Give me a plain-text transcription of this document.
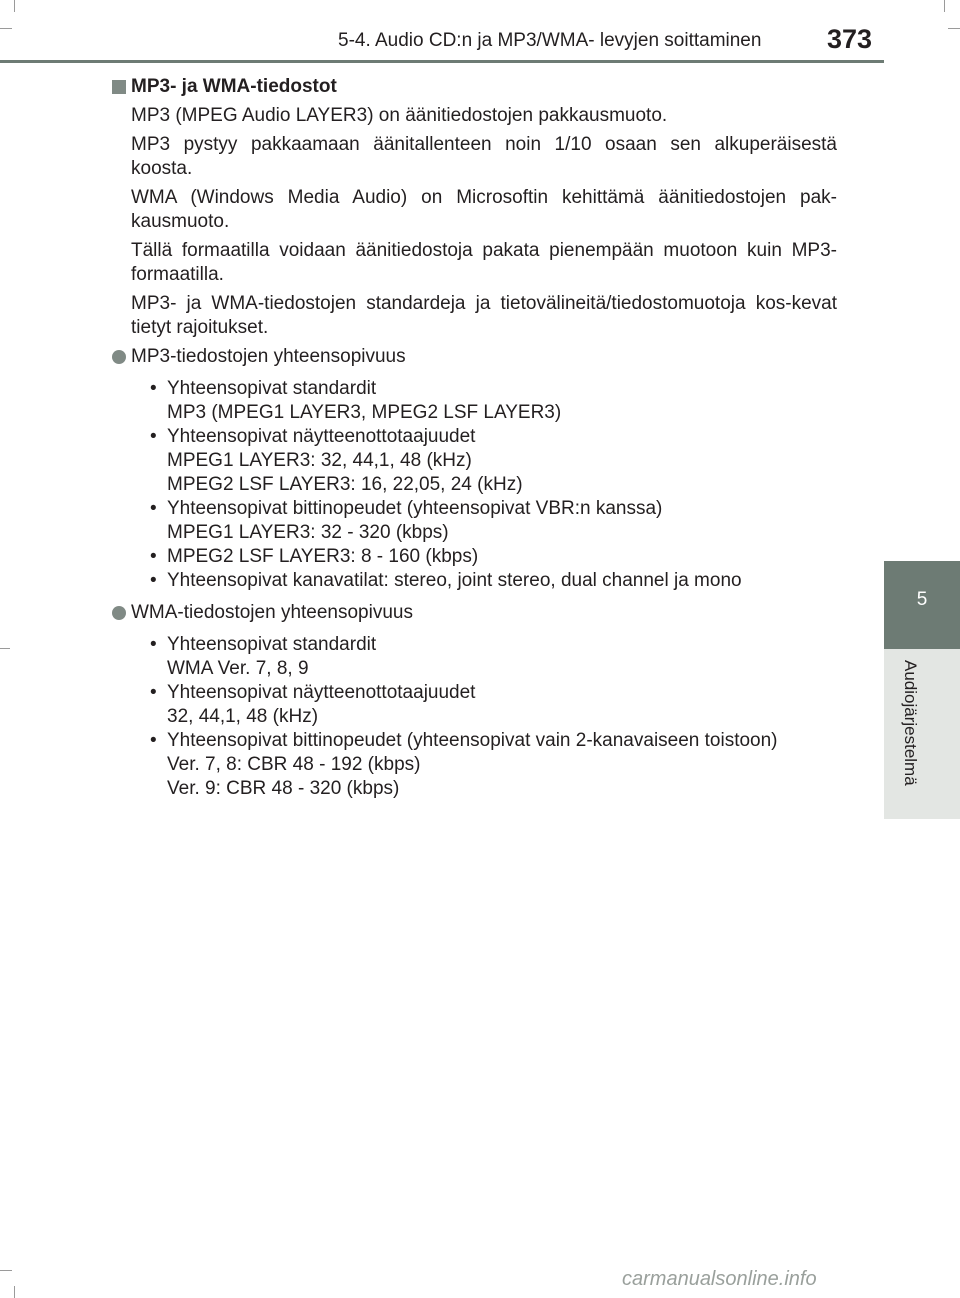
5-4. Audio CD:n ja MP3/WMA- levyjen soittaminen 373
5
Audiojärjestelmä
MP3- ja WMA-tiedostot

MP3 (MPEG Audio LAYER3) on äänitiedostojen pakkausmuoto.

MP3 pystyy pakkaamaan äänitallenteen noin 1/10 osaan sen alkuperäisestä koosta.

WMA (Windows Media Audio) on Microsoftin kehittämä äänitiedostojen pak-kausmuoto.

Tällä formaatilla voidaan äänitiedostoja pakata pienempään muotoon kuin MP3-formaatilla.

MP3- ja WMA-tiedostojen standardeja ja tietovälineitä/tiedostomuotoja kos-kevat tietyt rajoitukset.

MP3-tiedostojen yhteensopivuus
• Yhteensopivat standardit
MP3 (MPEG1 LAYER3, MPEG2 LSF LAYER3)
• Yhteensopivat näytteenottotaajuudet
MPEG1 LAYER3: 32, 44,1, 48 (kHz)
MPEG2 LSF LAYER3: 16, 22,05, 24 (kHz)
• Yhteensopivat bittinopeudet (yhteensopivat VBR:n kanssa)
MPEG1 LAYER3: 32 - 320 (kbps)
• MPEG2 LSF LAYER3: 8 - 160 (kbps)
• Yhteensopivat kanavatilat: stereo, joint stereo, dual channel ja mono
WMA-tiedostojen yhteensopivuus
• Yhteensopivat standardit
WMA Ver. 7, 8, 9
• Yhteensopivat näytteenottotaajuudet
32, 44,1, 48 (kHz)
• Yhteensopivat bittinopeudet (yhteensopivat vain 2-kanavaiseen toistoon)
Ver. 7, 8: CBR 48 - 192 (kbps)
Ver. 9: CBR 48 - 320 (kbps)
carmanualsonline.info
